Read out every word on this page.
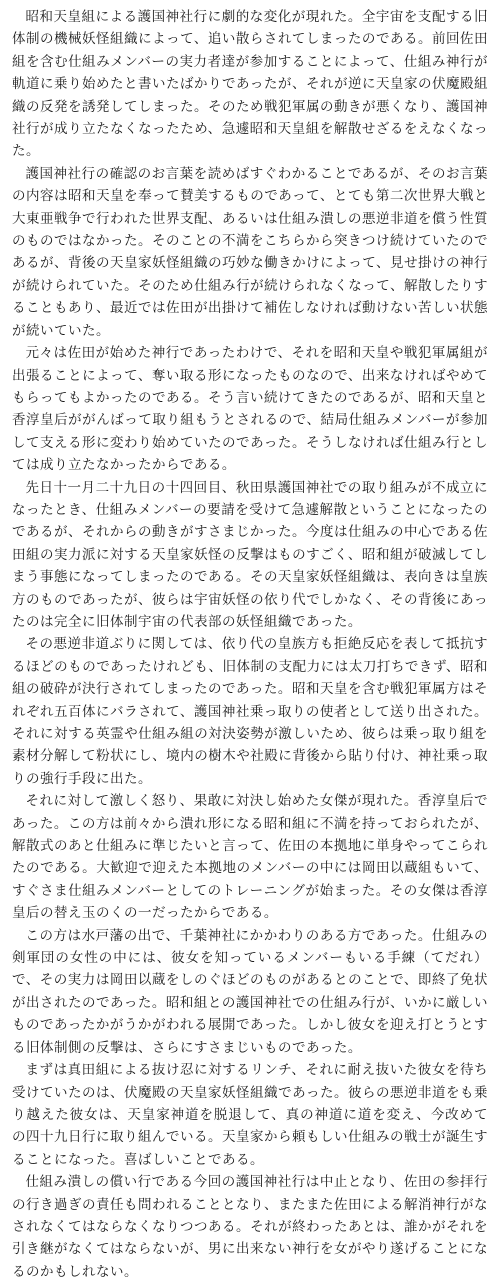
昭和天皇組による護国神社行に劇的な変化が現れた。全宇宙を支配する旧体制の機械妖怪組織によって、追い散らされてしまったのである。前回佐田組を含む仕組みメンバーの実力者達が参加することによって、仕組み神行が軌道に乗り始めたと書いたばかりであったが、それが逆に天皇家の伏魔殿組織の反発を誘発してしまった。そのため戦犯軍属の動きが悪くなり、護国神社行が成り立たなくなったため、急遽昭和天皇組を解散せざるをえなくなった。

護国神社行の確認のお言葉を読めばすぐわかることであるが、そのお言葉の内容は昭和天皇を奉って賛美するものであって、とても第二次世界大戦と大東亜戦争で行われた世界支配、あるいは仕組み潰しの悪逆非道を償う性質のものではなかった。そのことの不満をこちらから突きつけ続けていたのであるが、背後の天皇家妖怪組織の巧妙な働きかけによって、見せ掛けの神行が続けられていた。そのため仕組み行が続けられなくなって、解散したりすることもあり、最近では佐田が出掛けて補佐しなければ動けない苦しい状態が続いていた。

元々は佐田が始めた神行であったわけで、それを昭和天皇や戦犯軍属組が出張ることによって、奪い取る形になったものなので、出来なければやめてもらってもよかったのである。そう言い続けてきたのであるが、昭和天皇と香淳皇后ががんばって取り組もうとされるので、結局仕組みメンバーが参加して支える形に変わり始めていたのであった。そうしなければ仕組み行としては成り立たなかったからである。

先日十一月二十九日の十四回目、秋田県護国神社での取り組みが不成立になったとき、仕組みメンバーの要請を受けて急遽解散ということになったのであるが、それからの動きがすさまじかった。今度は仕組みの中心である佐田組の実力派に対する天皇家妖怪の反撃はものすごく、昭和組が破滅してしまう事態になってしまったのである。その天皇家妖怪組織は、表向きは皇族方のものであったが、彼らは宇宙妖怪の依り代でしかなく、その背後にあったのは完全に旧体制宇宙の代表部の妖怪組織であった。

その悪逆非道ぶりに関しては、依り代の皇族方も拒絶反応を表して抵抗するほどのものであったけれども、旧体制の支配力には太刀打ちできず、昭和組の破砕が決行されてしまったのであった。昭和天皇を含む戦犯軍属方はそれぞれ五百体にバラされて、護国神社乗っ取りの使者として送り出された。それに対する英霊や仕組み組の対決姿勢が激しいため、彼らは乗っ取り組を素材分解して粉状にし、境内の樹木や社殿に背後から貼り付け、神社乗っ取りの強行手段に出た。

それに対して激しく怒り、果敢に対決し始めた女傑が現れた。香淳皇后であった。この方は前々から潰れ形になる昭和組に不満を持っておられたが、解散式のあと仕組みに準じたいと言って、佐田の本拠地に単身やってこられたのである。大歓迎で迎えた本拠地のメンバーの中には岡田以蔵組もいて、すぐさま仕組みメンバーとしてのトレーニングが始まった。その女傑は香淳皇后の替え玉のくの一だったからである。

この方は水戸藩の出で、千葉神社にかかわりのある方であった。仕組みの剣軍団の女性の中には、彼女を知っているメンバーもいる手練（てだれ）で、その実力は岡田以蔵をしのぐほどのものがあるとのことで、即終了免状が出されたのであった。昭和組との護国神社での仕組み行が、いかに厳しいものであったかがうかがわれる展開であった。しかし彼女を迎え打とうとする旧体制側の反撃は、さらにすさまじいものであった。

まずは真田組による抜け忍に対するリンチ、それに耐え抜いた彼女を待ち受けていたのは、伏魔殿の天皇家妖怪組織であった。彼らの悪逆非道をも乗り越えた彼女は、天皇家神道を脱退して、真の神道に道を変え、今改めての四十九日行に取り組んでいる。天皇家から頼もしい仕組みの戦士が誕生することになった。喜ばしいことである。

仕組み潰しの償い行である今回の護国神社行は中止となり、佐田の参拝行の行き過ぎの責任も問われることとなり、またまた佐田による解消神行がなされなくてはならなくなりつつある。それが終わったあとは、誰かがそれを引き継がなくてはならないが、男に出来ない神行を女がやり遂げることになるのかもしれない。
